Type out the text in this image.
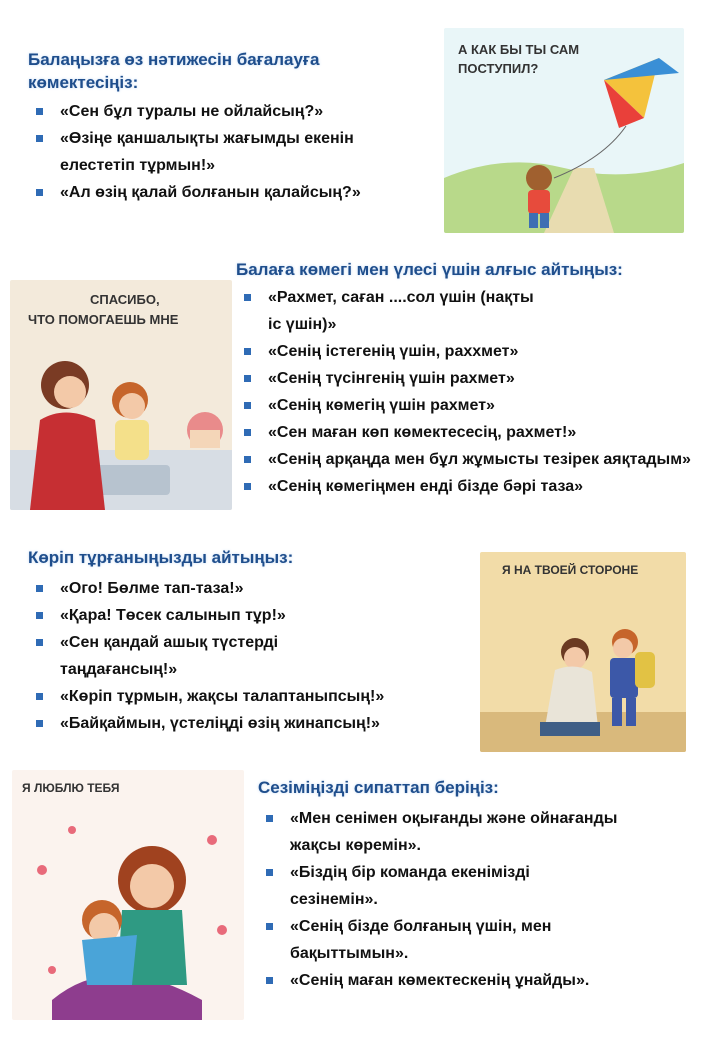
Балаңызға өз нәтижесін бағалауға көмектесіңіз:
«Сен бұл туралы не ойлайсың?»
«Өзіңе қаншалықты жағымды екенін елестетіп тұрмын!»
«Ал өзің қалай болғанын қалайсың?»
А КАК БЫ ТЫ САМ
ПОСТУПИЛ?
СПАСИБО,
ЧТО ПОМОГАЕШЬ МНЕ
Балаға көмегі мен үлесі үшін алғыс айтыңыз:
«Рахмет, саған ....сол үшін (нақты іс үшін)»
«Сенің істегенің үшін, раххмет»
«Сенің түсінгенің үшін рахмет»
«Сенің көмегің үшін рахмет»
«Сен маған көп көмектесесің, рахмет!»
«Сенің арқаңда мен бұл жұмысты тезірек аяқтадым»
«Сенің көмегіңмен енді бізде бәрі таза»
Көріп тұрғаныңызды айтыңыз:
«Ого! Бөлме тап-таза!»
«Қара! Төсек салынып тұр!»
«Сен қандай ашық түстерді таңдағансың!»
«Көріп тұрмын, жақсы талаптаныпсың!»
«Байқаймын, үстеліңді өзің жинапсың!»
Я НА ТВОЕЙ СТОРОНЕ
Я ЛЮБЛЮ ТЕБЯ	Сезіміңізді сипаттап беріңіз:
«Мен сенімен оқығанды және ойнағанды жақсы көремін».
«Біздің бір команда екенімізді сезінемін».
«Сенің бізде болғаның үшін, мен бақыттымын».
«Сенің маған көмектескенің ұнайды».
